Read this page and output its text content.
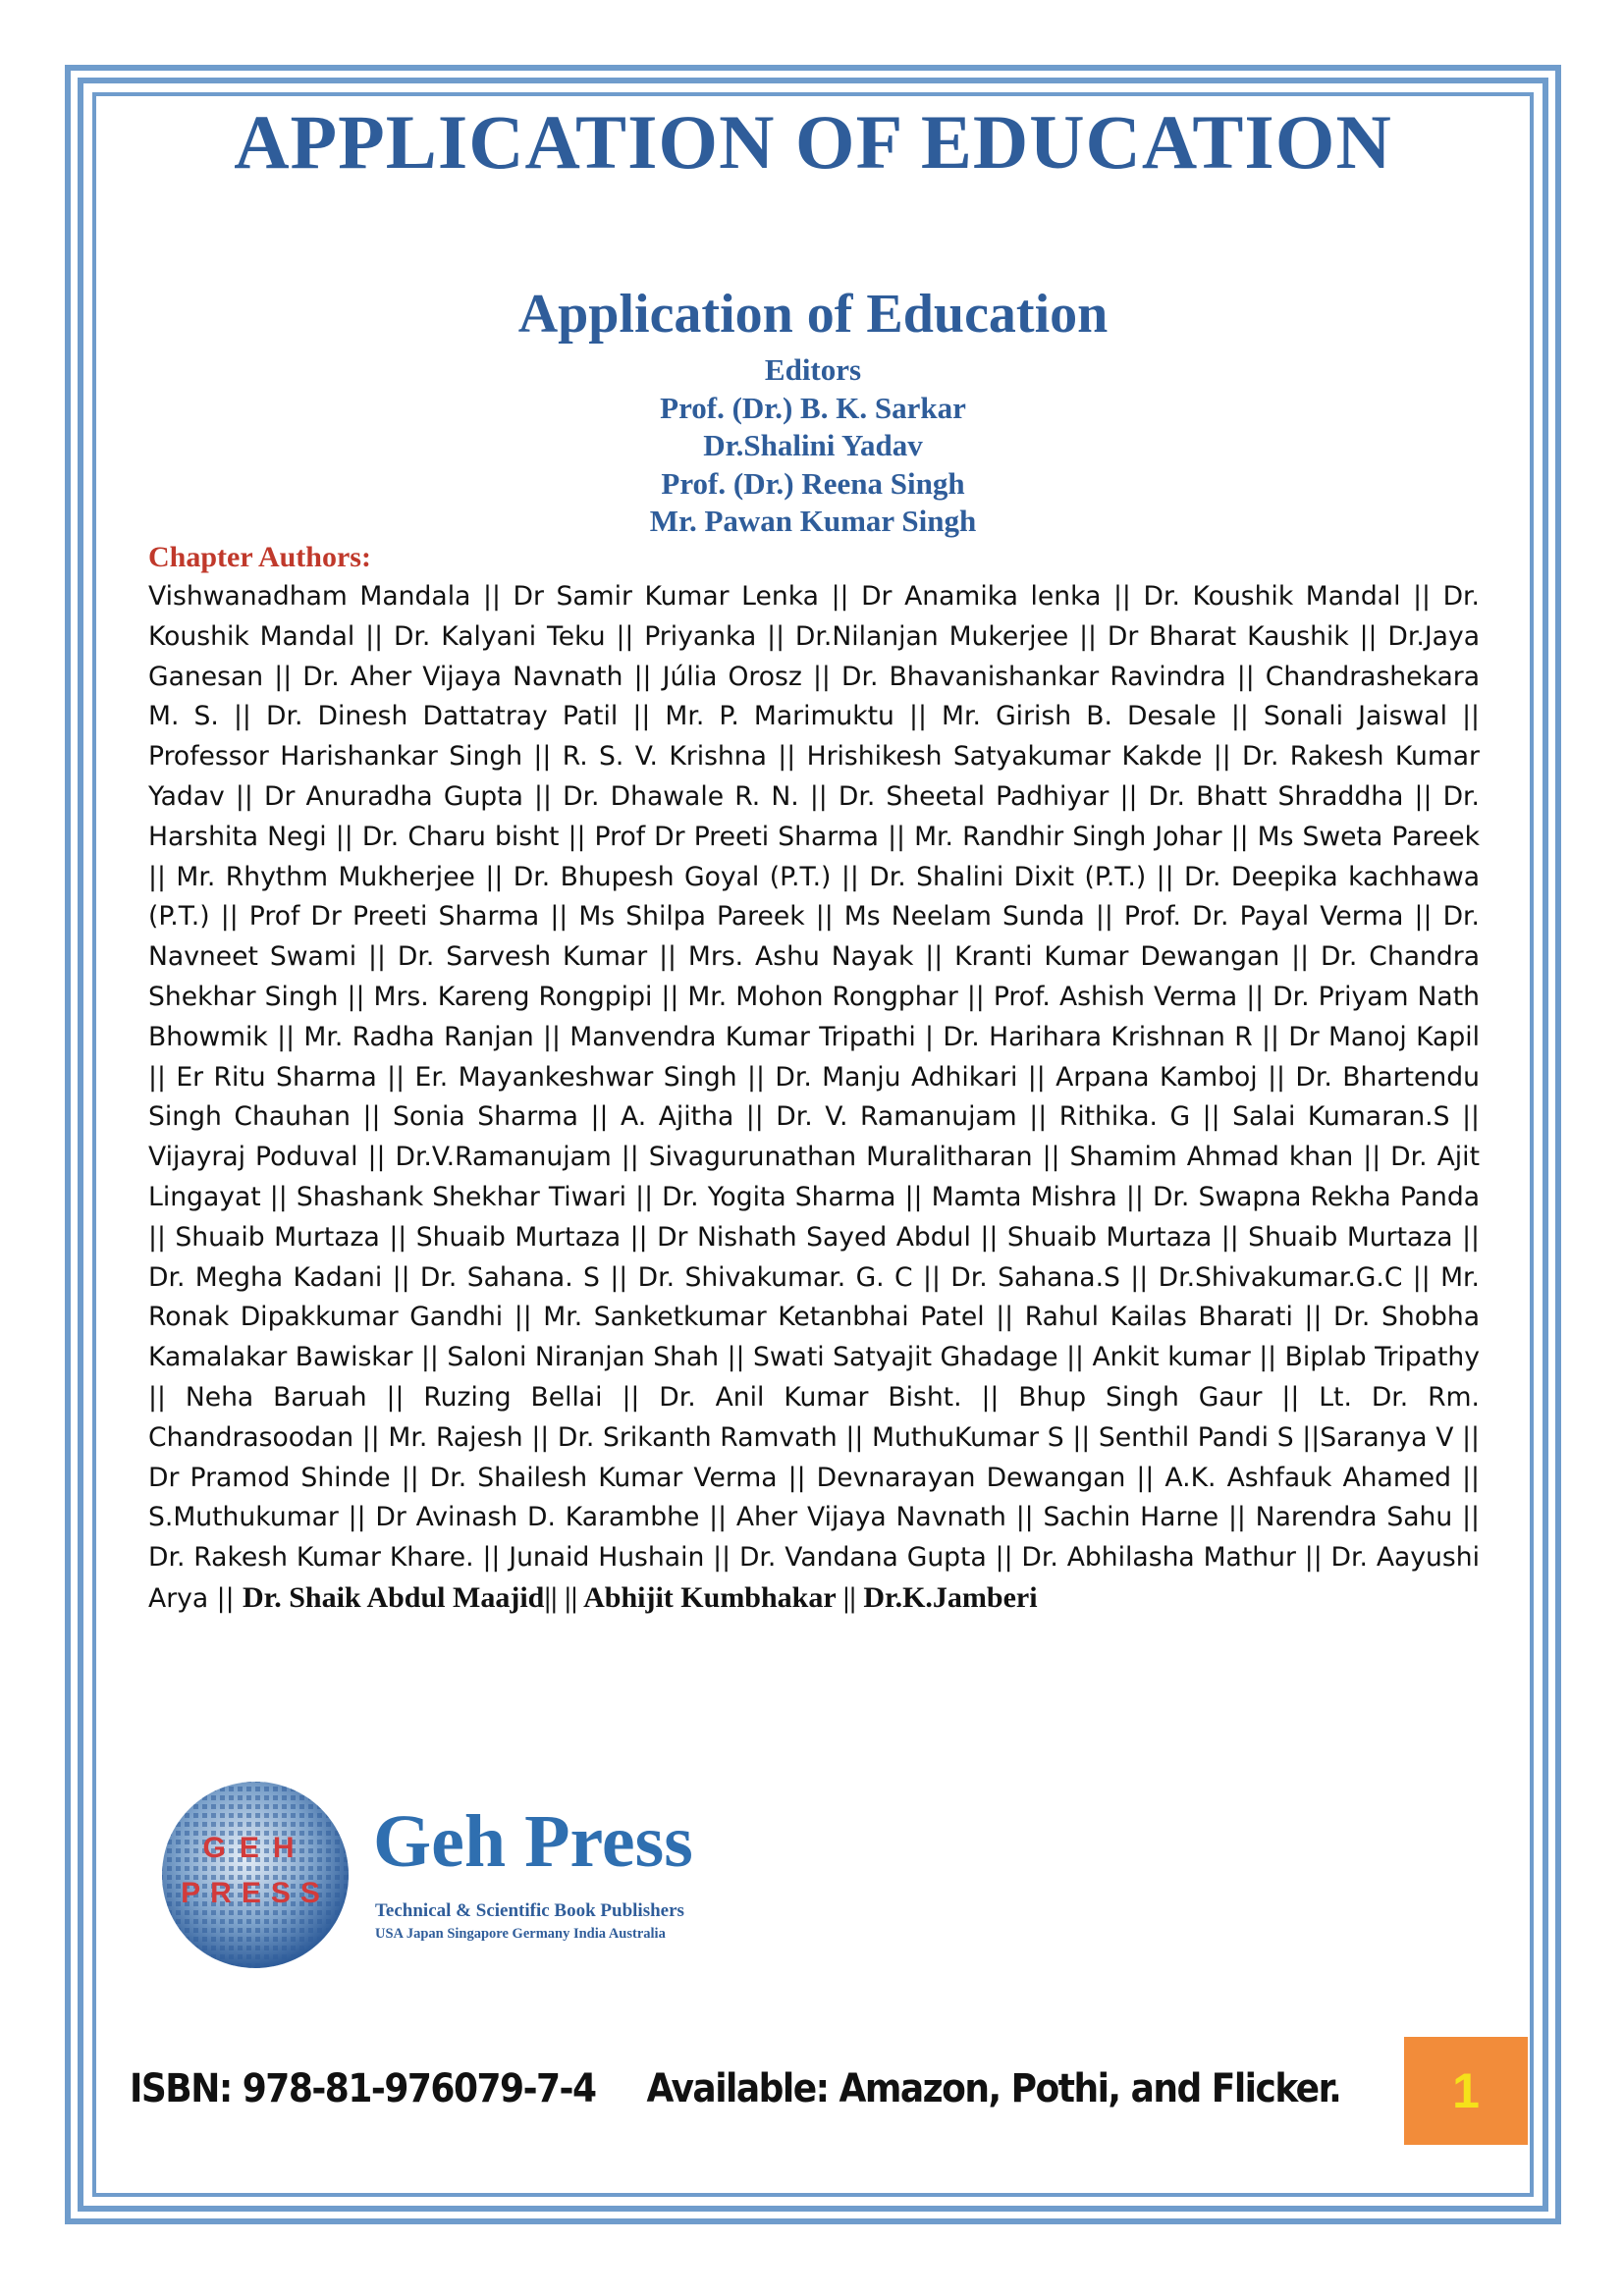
APPLICATION OF EDUCATION
Application of Education
Editors
Prof. (Dr.) B. K. Sarkar
Dr.Shalini Yadav
Prof. (Dr.) Reena Singh
Mr. Pawan Kumar Singh
Chapter Authors:

Vishwanadham Mandala || Dr Samir Kumar Lenka || Dr Anamika lenka || Dr. Koushik Mandal || Dr. Koushik Mandal || Dr. Kalyani Teku || Priyanka || Dr.Nilanjan Mukerjee || Dr Bharat Kaushik || Dr.Jaya Ganesan || Dr. Aher Vijaya Navnath || Júlia Orosz || Dr. Bhavanishankar Ravindra || Chandrashekara M. S. || Dr. Dinesh Dattatray Patil || Mr. P. Marimuktu || Mr. Girish B. Desale || Sonali Jaiswal || Professor Harishankar Singh || R. S. V. Krishna || Hrishikesh Satyakumar Kakde || Dr. Rakesh Kumar Yadav || Dr Anuradha Gupta || Dr. Dhawale R. N. || Dr. Sheetal Padhiyar || Dr. Bhatt Shraddha || Dr. Harshita Negi || Dr. Charu bisht || Prof Dr Preeti Sharma || Mr. Randhir Singh Johar || Ms Sweta Pareek || Mr. Rhythm Mukherjee || Dr. Bhupesh Goyal (P.T.) || Dr. Shalini Dixit (P.T.) || Dr. Deepika kachhawa (P.T.) || Prof Dr Preeti Sharma || Ms Shilpa Pareek || Ms Neelam Sunda || Prof. Dr. Payal Verma || Dr. Navneet Swami || Dr. Sarvesh Kumar || Mrs. Ashu Nayak || Kranti Kumar Dewangan || Dr. Chandra Shekhar Singh || Mrs. Kareng Rongpipi || Mr. Mohon Rongphar || Prof. Ashish Verma || Dr. Priyam Nath Bhowmik || Mr. Radha Ranjan || Manvendra Kumar Tripathi | Dr. Harihara Krishnan R || Dr Manoj Kapil || Er Ritu Sharma || Er. Mayankeshwar Singh || Dr. Manju Adhikari || Arpana Kamboj || Dr. Bhartendu Singh Chauhan || Sonia Sharma || A. Ajitha || Dr. V. Ramanujam || Rithika. G || Salai Kumaran.S || Vijayraj Poduval || Dr.V.Ramanujam || Sivagurunathan Muralitharan || Shamim Ahmad khan || Dr. Ajit Lingayat || Shashank Shekhar Tiwari || Dr. Yogita Sharma || Mamta Mishra || Dr. Swapna Rekha Panda || Shuaib Murtaza || Shuaib Murtaza || Dr Nishath Sayed Abdul || Shuaib Murtaza || Shuaib Murtaza || Dr. Megha Kadani || Dr. Sahana. S || Dr. Shivakumar. G. C || Dr. Sahana.S || Dr.Shivakumar.G.C || Mr. Ronak Dipakkumar Gandhi || Mr. Sanketkumar Ketanbhai Patel || Rahul Kailas Bharati || Dr. Shobha Kamalakar Bawiskar || Saloni Niranjan Shah || Swati Satyajit Ghadage || Ankit kumar || Biplab Tripathy || Neha Baruah || Ruzing Bellai || Dr. Anil Kumar Bisht. || Bhup Singh Gaur || Lt. Dr. Rm. Chandrasoodan || Mr. Rajesh || Dr. Srikanth Ramvath || MuthuKumar S || Senthil Pandi S ||Saranya V || Dr Pramod Shinde || Dr. Shailesh Kumar Verma || Devnarayan Dewangan || A.K. Ashfauk Ahamed || S.Muthukumar || Dr Avinash D. Karambhe || Aher Vijaya Navnath || Sachin Harne || Narendra Sahu || Dr. Rakesh Kumar Khare. || Junaid Hushain || Dr. Vandana Gupta || Dr. Abhilasha Mathur || Dr. Aayushi Arya || Dr. Shaik Abdul Maajid|| || Abhijit Kumbhakar || Dr.K.Jamberi

GEH
PRESS
Geh Press
Technical & Scientific Book Publishers
USA Japan Singapore Germany India Australia
ISBN: 978-81-976079-7-4 Available: Amazon, Pothi, and Flicker. 1
